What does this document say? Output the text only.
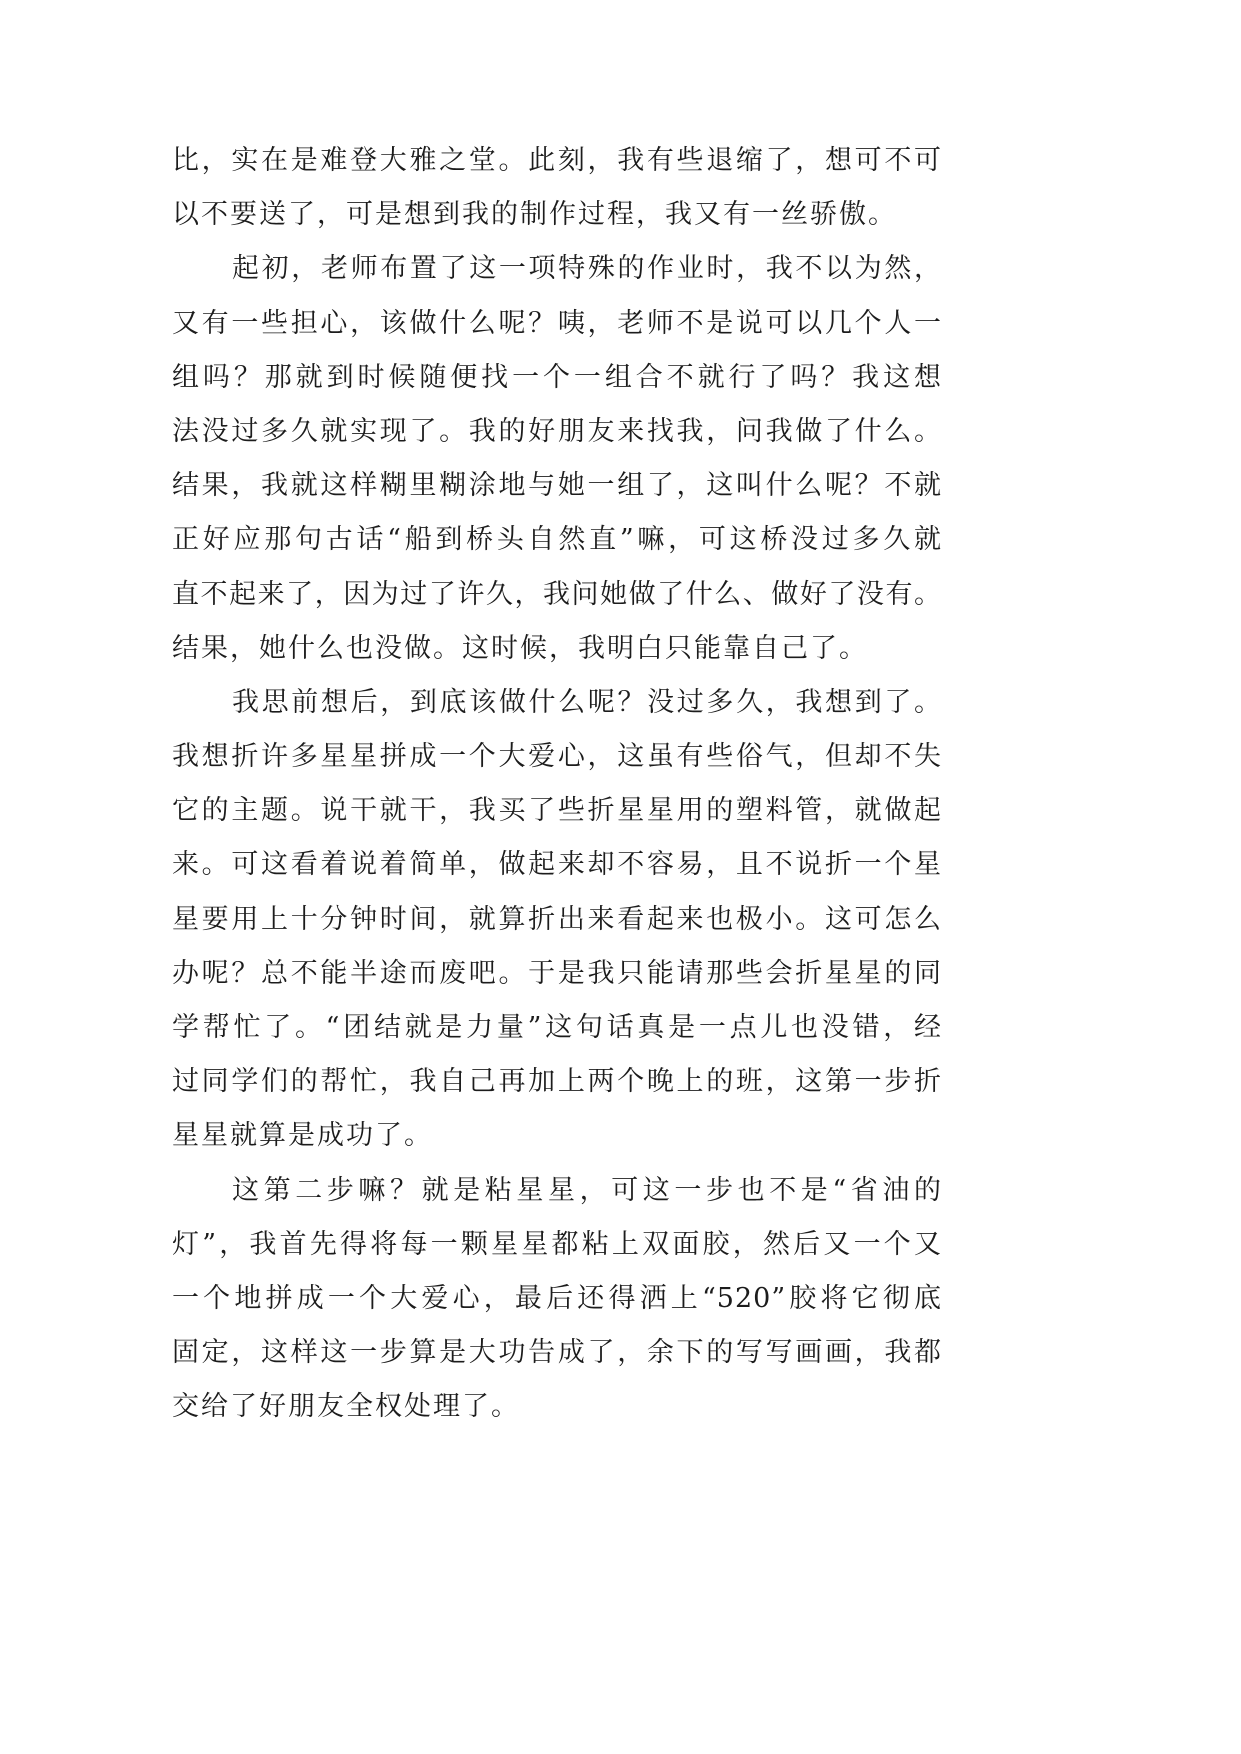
比，实在是难登大雅之堂。此刻，我有些退缩了，想可不可
以不要送了，可是想到我的制作过程，我又有一丝骄傲。
起初，老师布置了这一项特殊的作业时，我不以为然，
又有一些担心，该做什么呢？咦，老师不是说可以几个人一
组吗？那就到时候随便找一个一组合不就行了吗？我这想
法没过多久就实现了。我的好朋友来找我，问我做了什么。
结果，我就这样糊里糊涂地与她一组了，这叫什么呢？不就
正好应那句古话“船到桥头自然直”嘛，可这桥没过多久就
直不起来了，因为过了许久，我问她做了什么、做好了没有。
结果，她什么也没做。这时候，我明白只能靠自己了。
我思前想后，到底该做什么呢？没过多久，我想到了。
我想折许多星星拼成一个大爱心，这虽有些俗气，但却不失
它的主题。说干就干，我买了些折星星用的塑料管，就做起
来。可这看着说着简单，做起来却不容易，且不说折一个星
星要用上十分钟时间，就算折出来看起来也极小。这可怎么
办呢？总不能半途而废吧。于是我只能请那些会折星星的同
学帮忙了。“团结就是力量”这句话真是一点儿也没错，经
过同学们的帮忙，我自己再加上两个晚上的班，这第一步折
星星就算是成功了。
这第二步嘛？就是粘星星，可这一步也不是“省油的
灯”，我首先得将每一颗星星都粘上双面胶，然后又一个又
一个地拼成一个大爱心，最后还得洒上“520”胶将它彻底
固定，这样这一步算是大功告成了，余下的写写画画，我都
交给了好朋友全权处理了。
